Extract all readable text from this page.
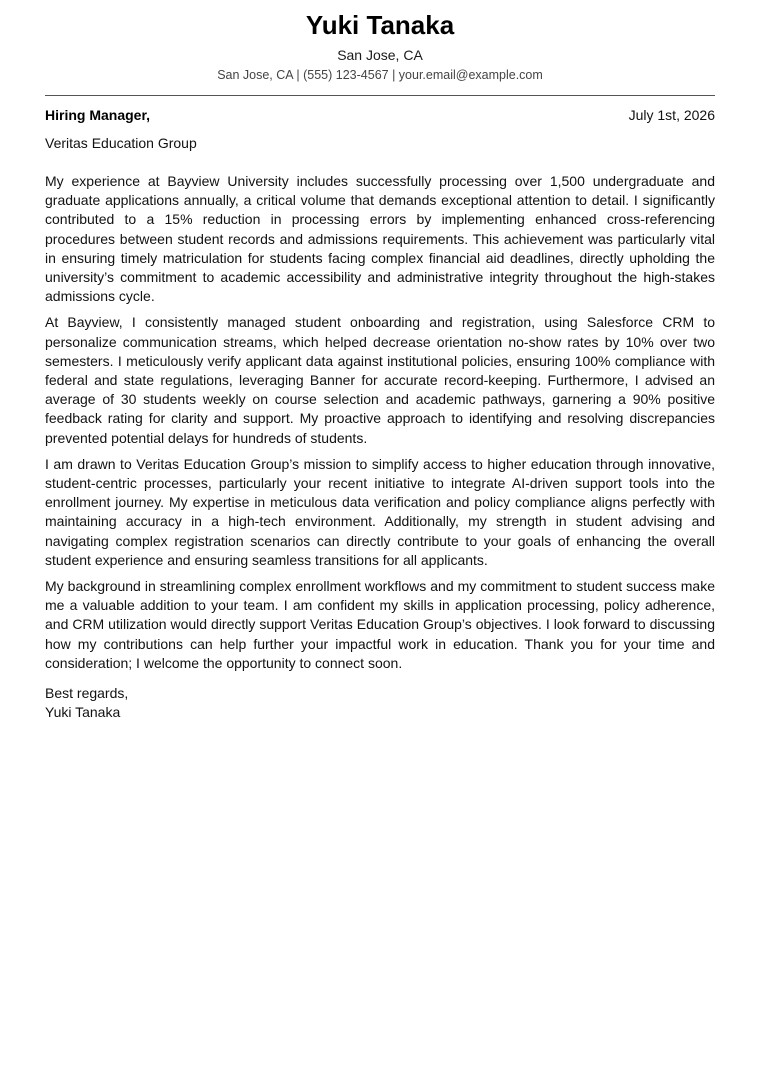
Yuki Tanaka
San Jose, CA
San Jose, CA | (555) 123-4567 | your.email@example.com
Hiring Manager,	July 1st, 2026
Veritas Education Group

My experience at Bayview University includes successfully processing over 1,500 undergraduate and graduate applications annually, a critical volume that demands exceptional attention to detail. I significantly contributed to a 15% reduction in processing errors by implementing enhanced cross-referencing procedures between student records and admissions requirements. This achievement was particularly vital in ensuring timely matriculation for students facing complex financial aid deadlines, directly upholding the university’s commitment to academic accessibility and administrative integrity throughout the high-stakes admissions cycle.

At Bayview, I consistently managed student onboarding and registration, using Salesforce CRM to personalize communication streams, which helped decrease orientation no-show rates by 10% over two semesters. I meticulously verify applicant data against institutional policies, ensuring 100% compliance with federal and state regulations, leveraging Banner for accurate record-keeping. Furthermore, I advised an average of 30 students weekly on course selection and academic pathways, garnering a 90% positive feedback rating for clarity and support. My proactive approach to identifying and resolving discrepancies prevented potential delays for hundreds of students.

I am drawn to Veritas Education Group’s mission to simplify access to higher education through innovative, student-centric processes, particularly your recent initiative to integrate AI-driven support tools into the enrollment journey. My expertise in meticulous data verification and policy compliance aligns perfectly with maintaining accuracy in a high-tech environment. Additionally, my strength in student advising and navigating complex registration scenarios can directly contribute to your goals of enhancing the overall student experience and ensuring seamless transitions for all applicants.

My background in streamlining complex enrollment workflows and my commitment to student success make me a valuable addition to your team. I am confident my skills in application processing, policy adherence, and CRM utilization would directly support Veritas Education Group’s objectives. I look forward to discussing how my contributions can help further your impactful work in education. Thank you for your time and consideration; I welcome the opportunity to connect soon.

Best regards,
Yuki Tanaka
